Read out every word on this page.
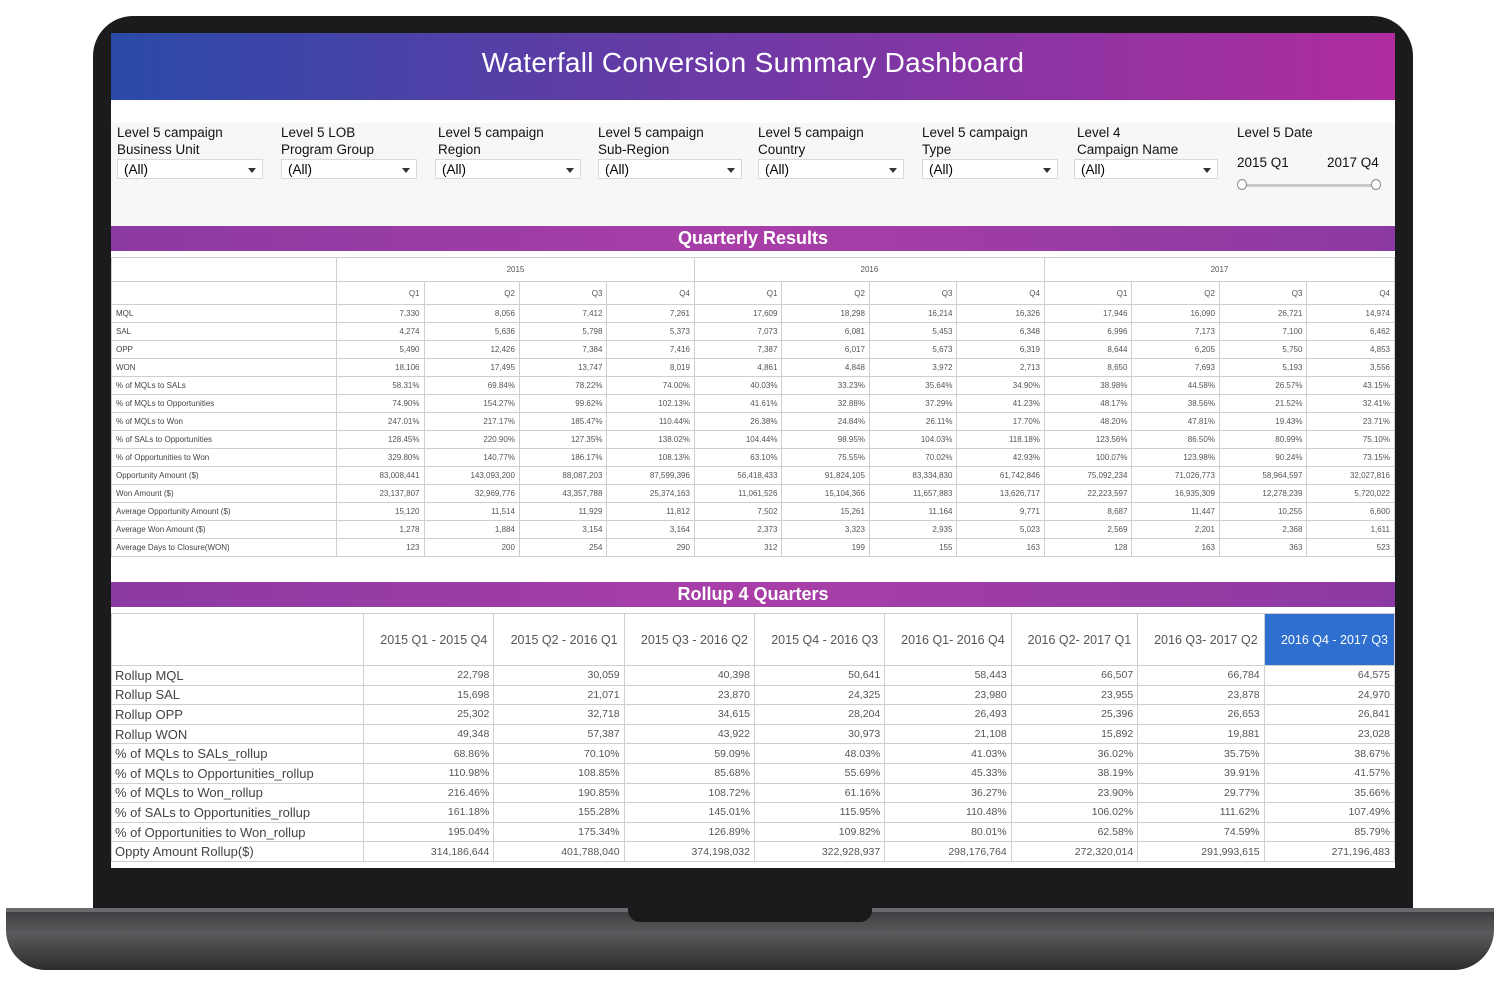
Waterfall Conversion Summary Dashboard
Level 5 campaign
Business Unit
(All)
Level 5 LOB
Program Group
(All)
Level 5 campaign
Region
(All)
Level 5 campaign
Sub-Region
(All)
Level 5 campaign
Country
(All)
Level 5 campaign
Type
(All)
Level 4
Campaign Name
(All)
Level 5 Date
2015 Q1	2017 Q4
Quarterly Results
	2015				2016				2017			
	Q1	Q2	Q3	Q4	Q1	Q2	Q3	Q4	Q1	Q2	Q3	Q4
MQL	7,330	8,056	7,412	7,261	17,609	18,298	16,214	16,326	17,946	16,090	26,721	14,974
SAL	4,274	5,636	5,798	5,373	7,073	6,081	5,453	6,348	6,996	7,173	7,100	6,462
OPP	5,490	12,426	7,384	7,416	7,387	6,017	5,673	6,319	8,644	6,205	5,750	4,853
WON	18,106	17,495	13,747	8,019	4,861	4,848	3,972	2,713	8,650	7,693	5,193	3,556
% of MQLs to SALs	58.31%	69.84%	78.22%	74.00%	40.03%	33.23%	35.64%	34.90%	38.98%	44.58%	26.57%	43.15%
% of MQLs to Opportunities	74.90%	154.27%	99.62%	102.13%	41.61%	32.88%	37.29%	41.23%	48.17%	38.56%	21.52%	32.41%
% of MQLs to Won	247.01%	217.17%	185.47%	110.44%	26.38%	24.84%	26.11%	17.70%	48.20%	47.81%	19.43%	23.71%
% of SALs to Opportunities	128.45%	220.90%	127.35%	138.02%	104.44%	98.95%	104.03%	118.18%	123.56%	86.50%	80.99%	75.10%
% of Opportunities to Won	329.80%	140.77%	186.17%	108.13%	63.10%	75.55%	70.02%	42.93%	100.07%	123.98%	90.24%	73.15%
Opportunity Amount ($)	83,008,441	143,093,200	88,087,203	87,599,396	56,418,433	91,824,105	83,334,830	61,742,846	75,092,234	71,026,773	58,964,597	32,027,816
Won Amount ($)	23,137,807	32,969,776	43,357,788	25,374,163	11,061,526	15,104,366	11,657,883	13,626,717	22,223,597	16,935,309	12,278,239	5,720,022
Average Opportunity Amount ($)	15,120	11,514	11,929	11,812	7,502	15,261	11,164	9,771	8,687	11,447	10,255	6,600
Average Won Amount ($)	1,278	1,884	3,154	3,164	2,373	3,323	2,935	5,023	2,569	2,201	2,368	1,611
Average Days to Closure(WON)	123	200	254	290	312	199	155	163	128	163	363	523
Rollup 4 Quarters
	2015 Q1 - 2015 Q4	2015 Q2 - 2016 Q1	2015 Q3 - 2016 Q2	2015 Q4 - 2016 Q3	2016 Q1- 2016 Q4	2016 Q2- 2017 Q1	2016 Q3- 2017 Q2	2016 Q4 - 2017 Q3
Rollup MQL	22,798	30,059	40,398	50,641	58,443	66,507	66,784	64,575
Rollup SAL	15,698	21,071	23,870	24,325	23,980	23,955	23,878	24,970
Rollup OPP	25,302	32,718	34,615	28,204	26,493	25,396	26,653	26,841
Rollup WON	49,348	57,387	43,922	30,973	21,108	15,892	19,881	23,028
% of MQLs to SALs_rollup	68.86%	70.10%	59.09%	48.03%	41.03%	36.02%	35.75%	38.67%
% of MQLs to Opportunities_rollup	110.98%	108.85%	85.68%	55.69%	45.33%	38.19%	39.91%	41.57%
% of MQLs to Won_rollup	216.46%	190.85%	108.72%	61.16%	36.27%	23.90%	29.77%	35.66%
% of SALs to Opportunities_rollup	161.18%	155.28%	145.01%	115.95%	110.48%	106.02%	111.62%	107.49%
% of Opportunities to Won_rollup	195.04%	175.34%	126.89%	109.82%	80.01%	62.58%	74.59%	85.79%
Oppty Amount Rollup($)	314,186,644	401,788,040	374,198,032	322,928,937	298,176,764	272,320,014	291,993,615	271,196,483
